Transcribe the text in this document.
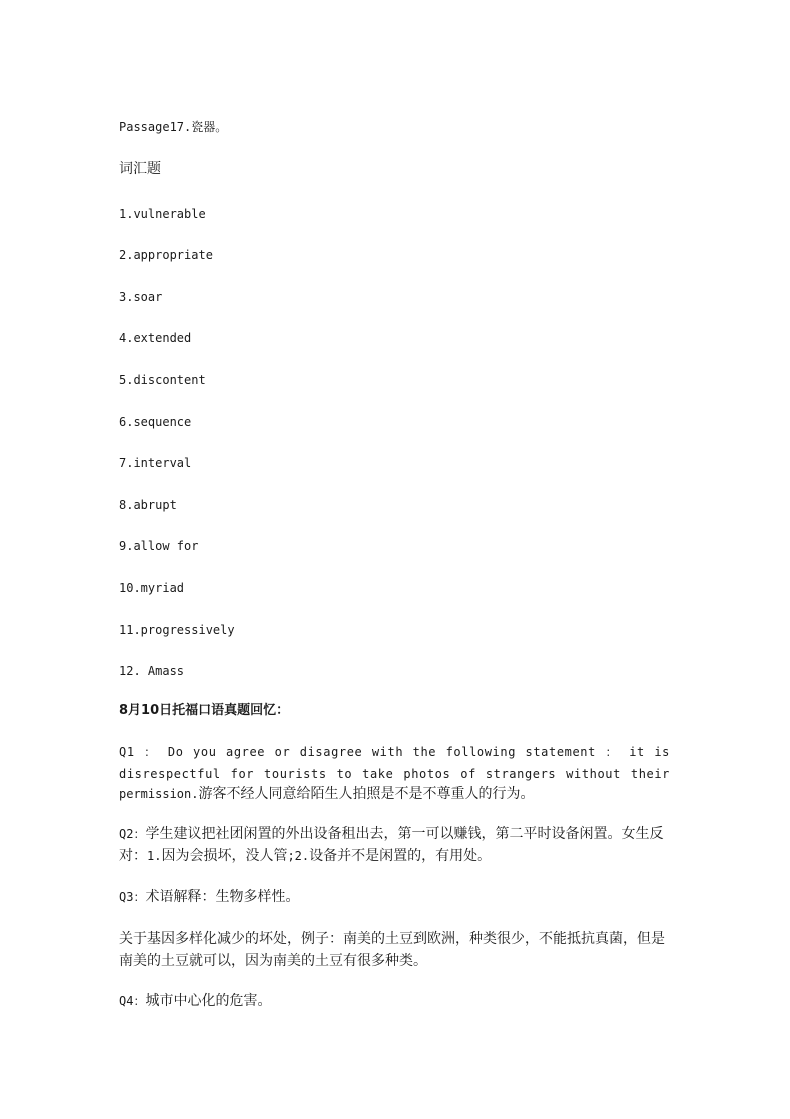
Passage17.瓷器。
词汇题
1.vulnerable
2.appropriate
3.soar
4.extended
5.discontent
6.sequence
7.interval
8.abrupt
9.allow for
10.myriad
11.progressively
12. Amass
8月10日托福口语真题回忆：
Q1 ： Do you agree or disagree with the following statement ： it is
disrespectful for tourists to take photos of strangers without their
permission.游客不经人同意给陌生人拍照是不是不尊重人的行为。
Q2：学生建议把社团闲置的外出设备租出去，第一可以赚钱，第二平时设备闲置。女生反
对：1.因为会损坏，没人管;2.设备并不是闲置的，有用处。
Q3：术语解释：生物多样性。
关于基因多样化减少的坏处，例子：南美的土豆到欧洲，种类很少，不能抵抗真菌，但是
南美的土豆就可以，因为南美的土豆有很多种类。
Q4：城市中心化的危害。
